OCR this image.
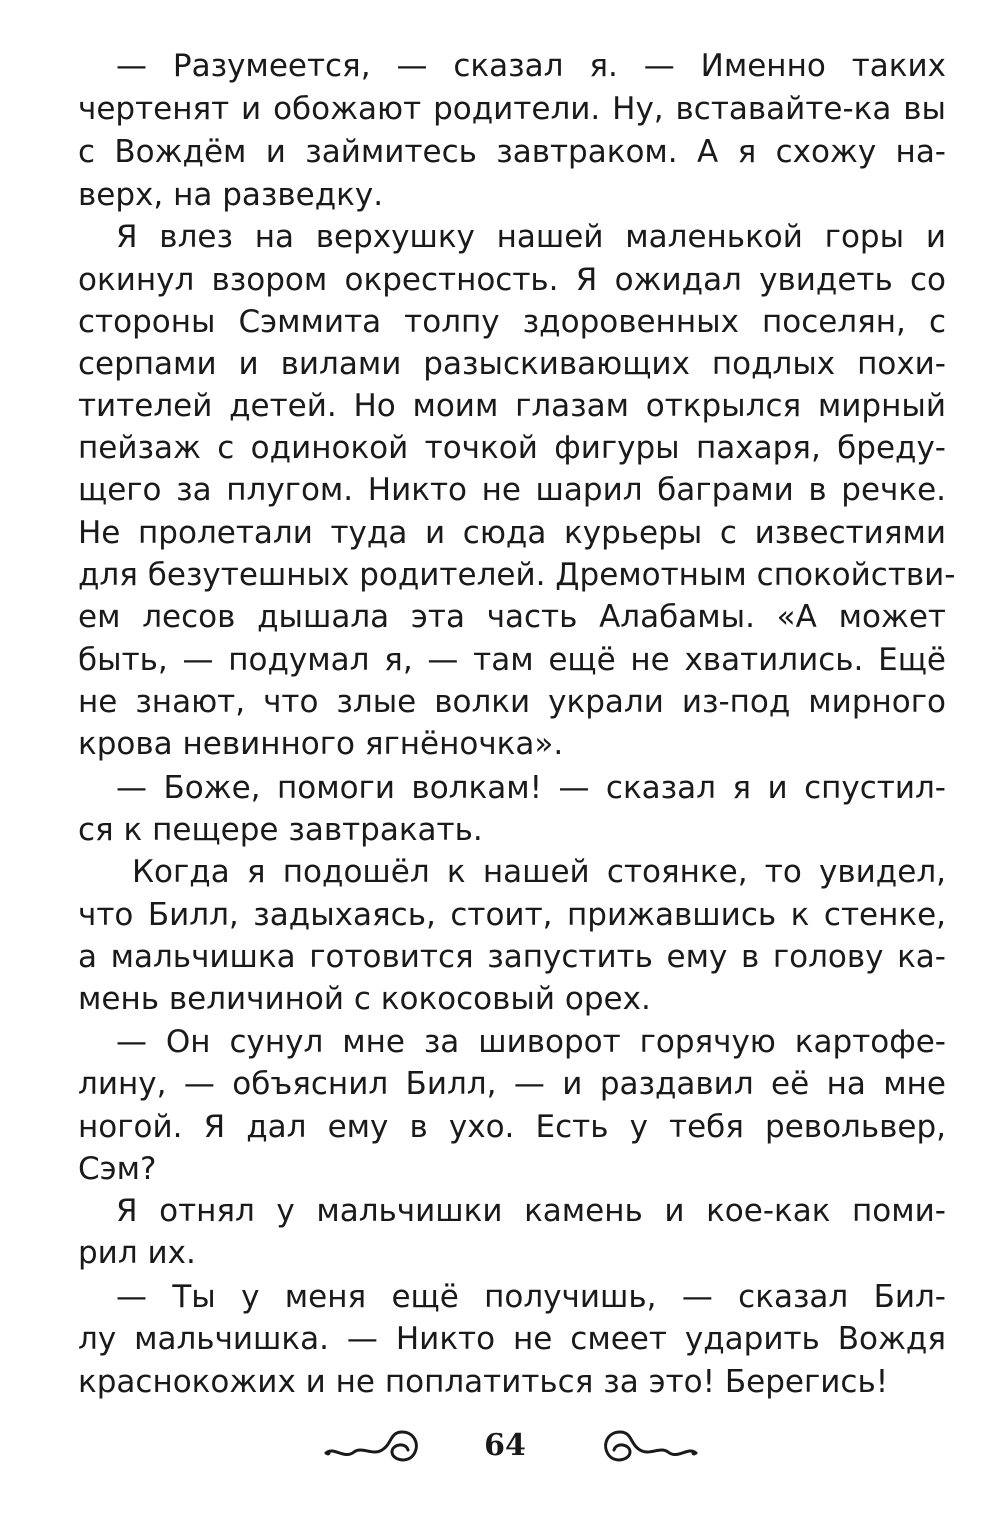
— Разумеется, — сказал я. — Именно таких
чертенят и обожают родители. Ну, вставайте-ка вы
с Вождём и займитесь завтраком. А я схожу на-
верх, на разведку.
Я влез на верхушку нашей маленькой горы и
окинул взором окрестность. Я ожидал увидеть со
стороны Сэммита толпу здоровенных поселян, с
серпами и вилами разыскивающих подлых похи-
тителей детей. Но моим глазам открылся мирный
пейзаж с одинокой точкой фигуры пахаря, бреду-
щего за плугом. Никто не шарил баграми в речке.
Не пролетали туда и сюда курьеры с известиями
для безутешных родителей. Дремотным спокойстви-
ем лесов дышала эта часть Алабамы. «А может
быть, — подумал я, — там ещё не хватились. Ещё
не знают, что злые волки украли из-под мирного
крова невинного ягнёночка».
— Боже, помоги волкам! — сказал я и спустил-
ся к пещере завтракать.
Когда я подошёл к нашей стоянке, то увидел,
что Билл, задыхаясь, стоит, прижавшись к стенке,
а мальчишка готовится запустить ему в голову ка-
мень величиной с кокосовый орех.
— Он сунул мне за шиворот горячую картофе-
лину, — объяснил Билл, — и раздавил её на мне
ногой. Я дал ему в ухо. Есть у тебя револьвер,
Сэм?
Я отнял у мальчишки камень и кое-как поми-
рил их.
— Ты у меня ещё получишь, — сказал Бил-
лу мальчишка. — Никто не смеет ударить Вождя
краснокожих и не поплатиться за это! Берегись!
64
